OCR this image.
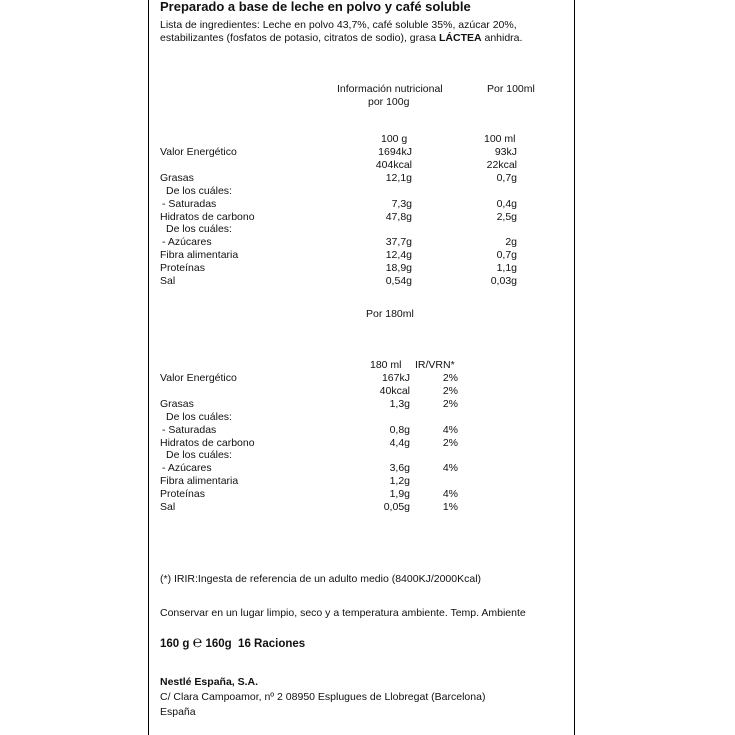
Preparado a base de leche en polvo y café soluble
Lista de ingredientes: Leche en polvo 43,7%, café soluble 35%, azúcar 20%,
estabilizantes (fosfatos de potasio, citratos de sodio), grasa LÁCTEA anhidra.
Información nutricional
por 100g
Por 100ml
100 g	100 ml
Valor Energético	1694kJ	93kJ
404kcal	22kcal
Grasas	12,1g	0,7g
De los cuáles:
- Saturadas	7,3g	0,4g
Hidratos de carbono	47,8g	2,5g
De los cuáles:
- Azúcares	37,7g	2g
Fibra alimentaria	12,4g	0,7g
Proteínas	18,9g	1,1g
Sal	0,54g	0,03g
Por 180ml
180 ml IR/VRN*
Valor Energético	167kJ	2%
40kcal	2%
Grasas	1,3g	2%
De los cuáles:
- Saturadas	0,8g	4%
Hidratos de carbono	4,4g	2%
De los cuáles:
- Azúcares	3,6g	4%
Fibra alimentaria	1,2g
Proteínas	1,9g	4%
Sal	0,05g	1%
(*) IRIR:Ingesta de referencia de un adulto medio (8400KJ/2000Kcal)
Conservar en un lugar limpio, seco y a temperatura ambiente. Temp. Ambiente
160 g ℮ 160g 16 Raciones
Nestlé España, S.A.
C/ Clara Campoamor, nº 2 08950 Esplugues de Llobregat (Barcelona)
España
